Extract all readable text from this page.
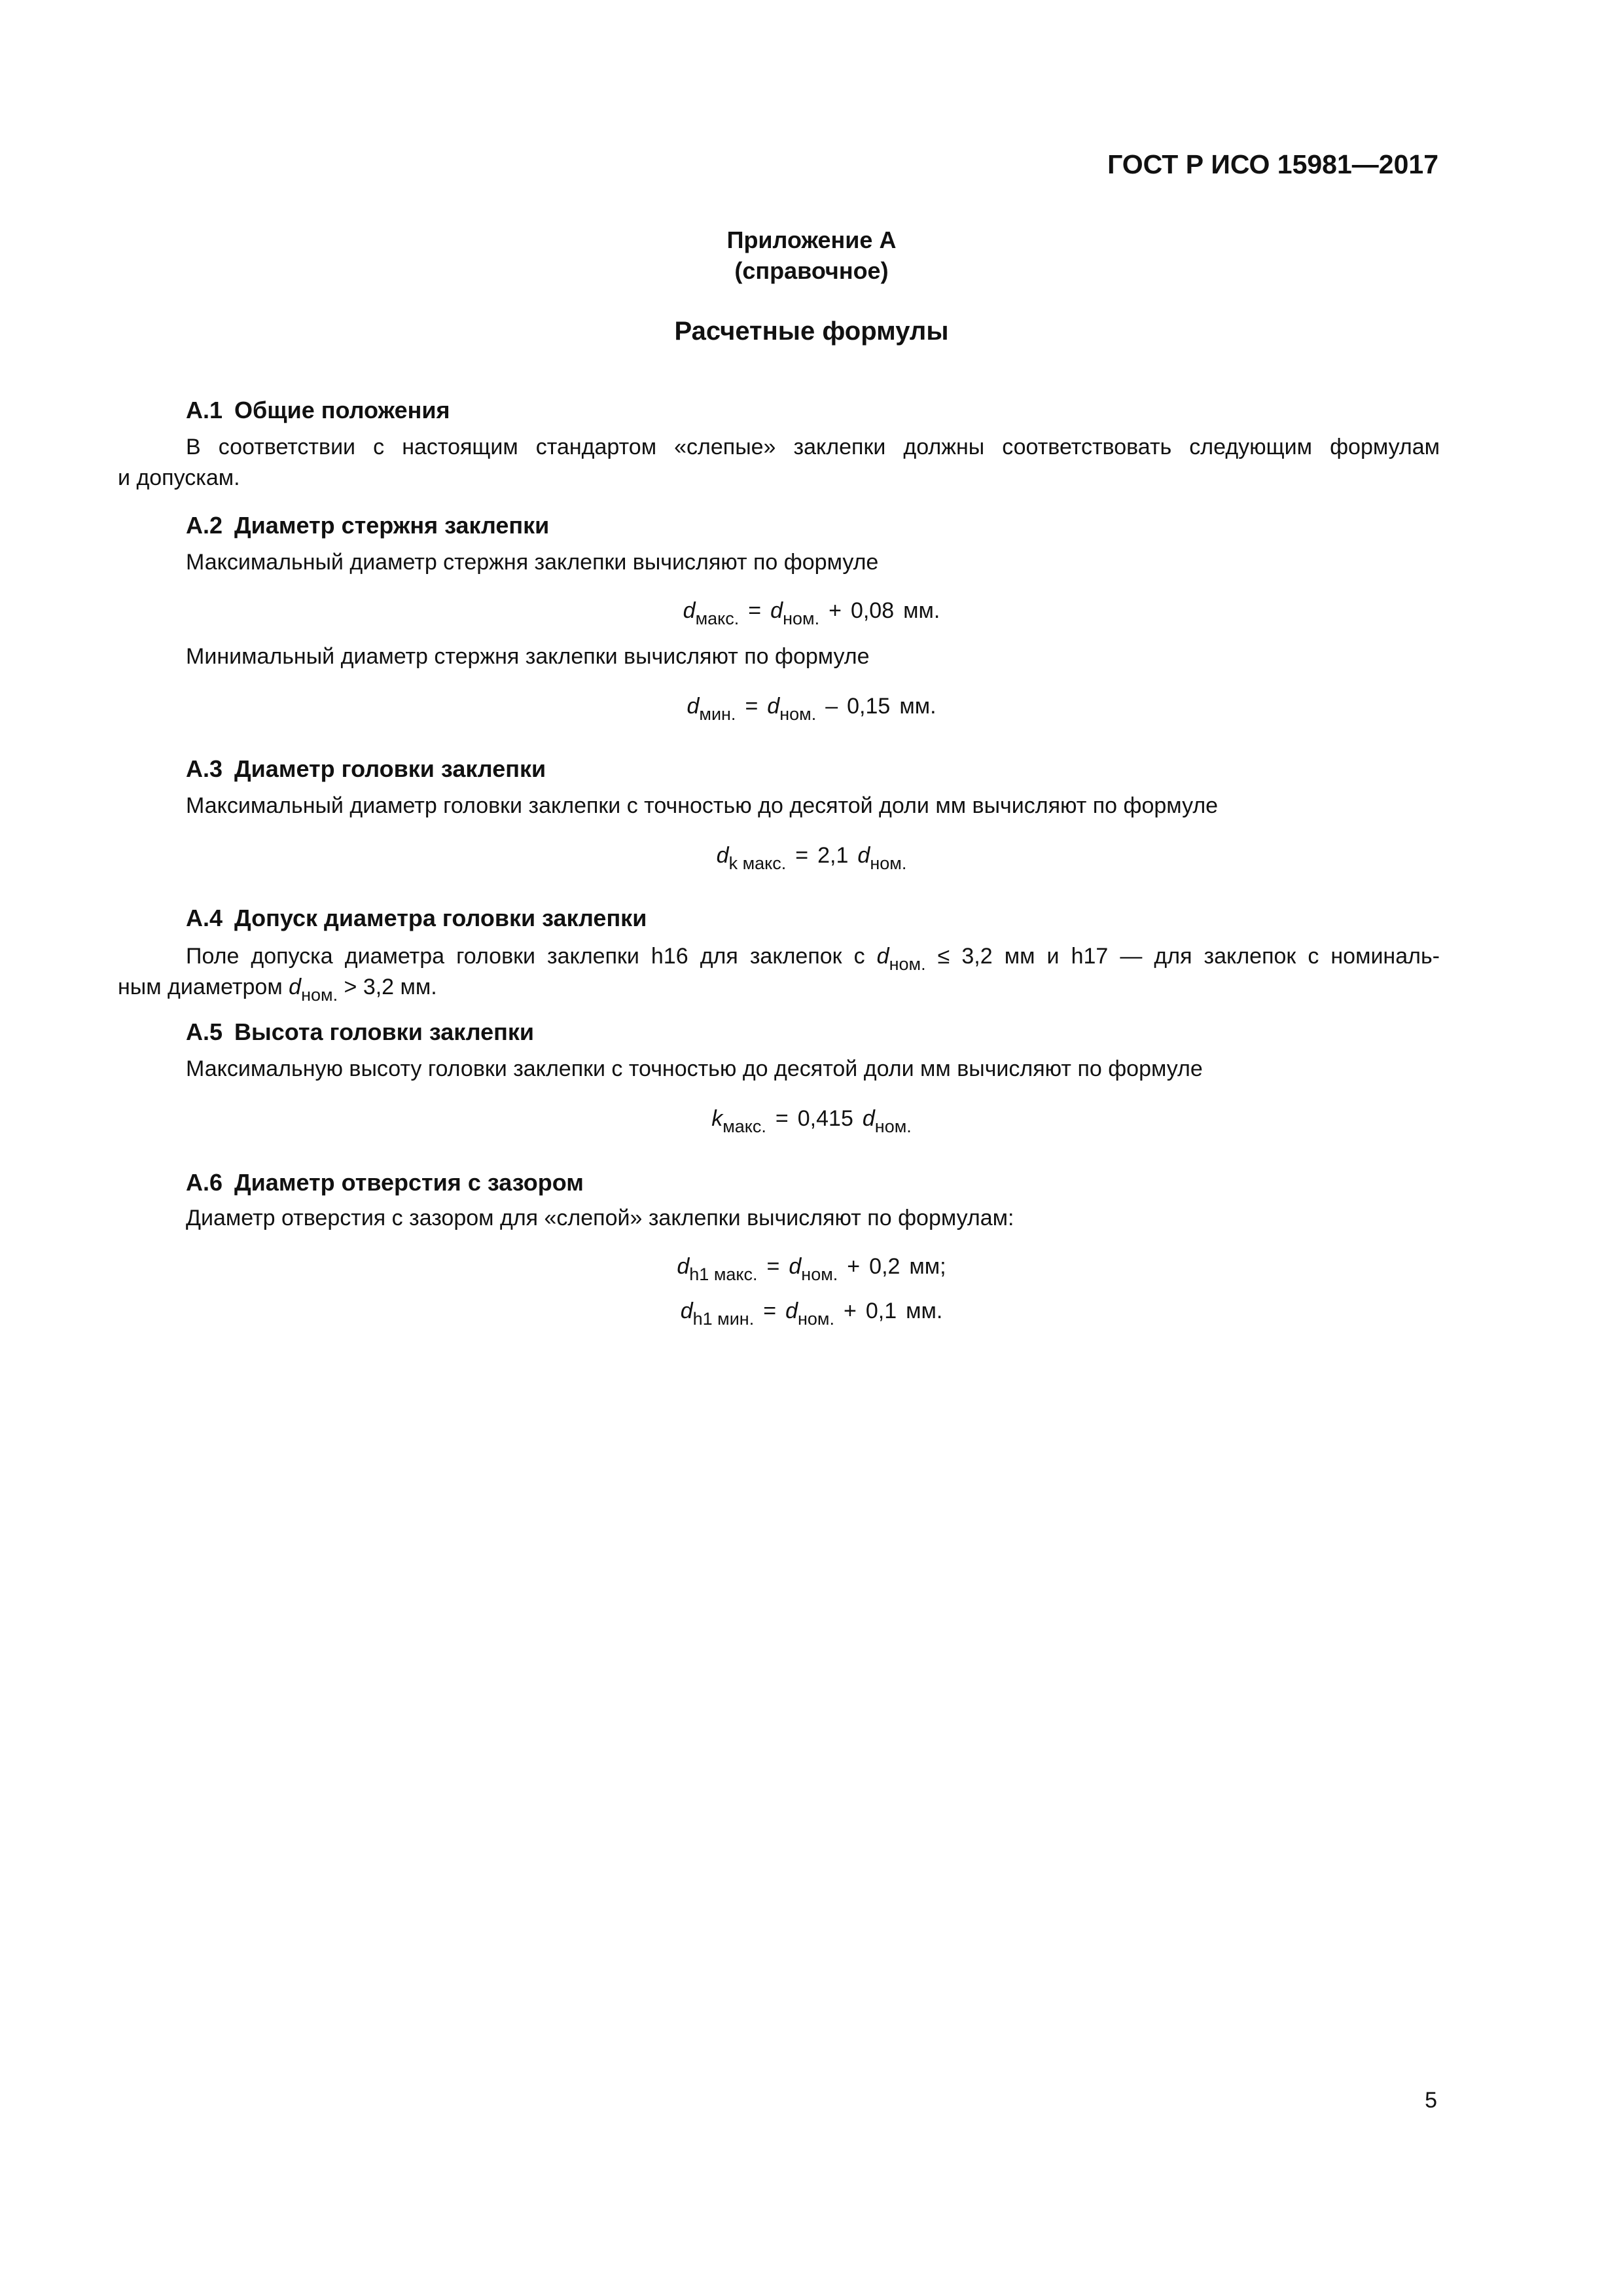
ГОСТ Р ИСО 15981—2017
Приложение А
(справочное)
Расчетные формулы
А.1 Общие положения
В соответствии с настоящим стандартом «слепые» заклепки должны соответствовать следующим формулам
и допускам.
А.2 Диаметр стержня заклепки
Максимальный диаметр стержня заклепки вычисляют по формуле
$d_{макс.} = d_{ном.} + 0,08$ мм.
Минимальный диаметр стержня заклепки вычисляют по формуле
$d_{мин.} = d_{ном.} - 0,15$ мм.
А.3 Диаметр головки заклепки
Максимальный диаметр головки заклепки с точностью до десятой доли мм вычисляют по формуле
$d_{k макс.} = 2,1$ $d_{ном.}$
А.4 Допуск диаметра головки заклепки
Поле допуска диаметра головки заклепки h16 для заклепок с $d_{ном.} \le 3,2$ мм и h17 — для заклепок с номиналь-
ным диаметром $d_{ном.} > 3,2$ мм.
А.5 Высота головки заклепки
Максимальную высоту головки заклепки с точностью до десятой доли мм вычисляют по формуле
$k_{макс.} = 0,415$ $d_{ном.}$
А.6 Диаметр отверстия с зазором
Диаметр отверстия с зазором для «слепой» заклепки вычисляют по формулам:
$d_{h1 макс.} = d_{ном.} + 0,2$ мм;
$d_{h1 мин.} = d_{ном.} + 0,1$ мм.
5
